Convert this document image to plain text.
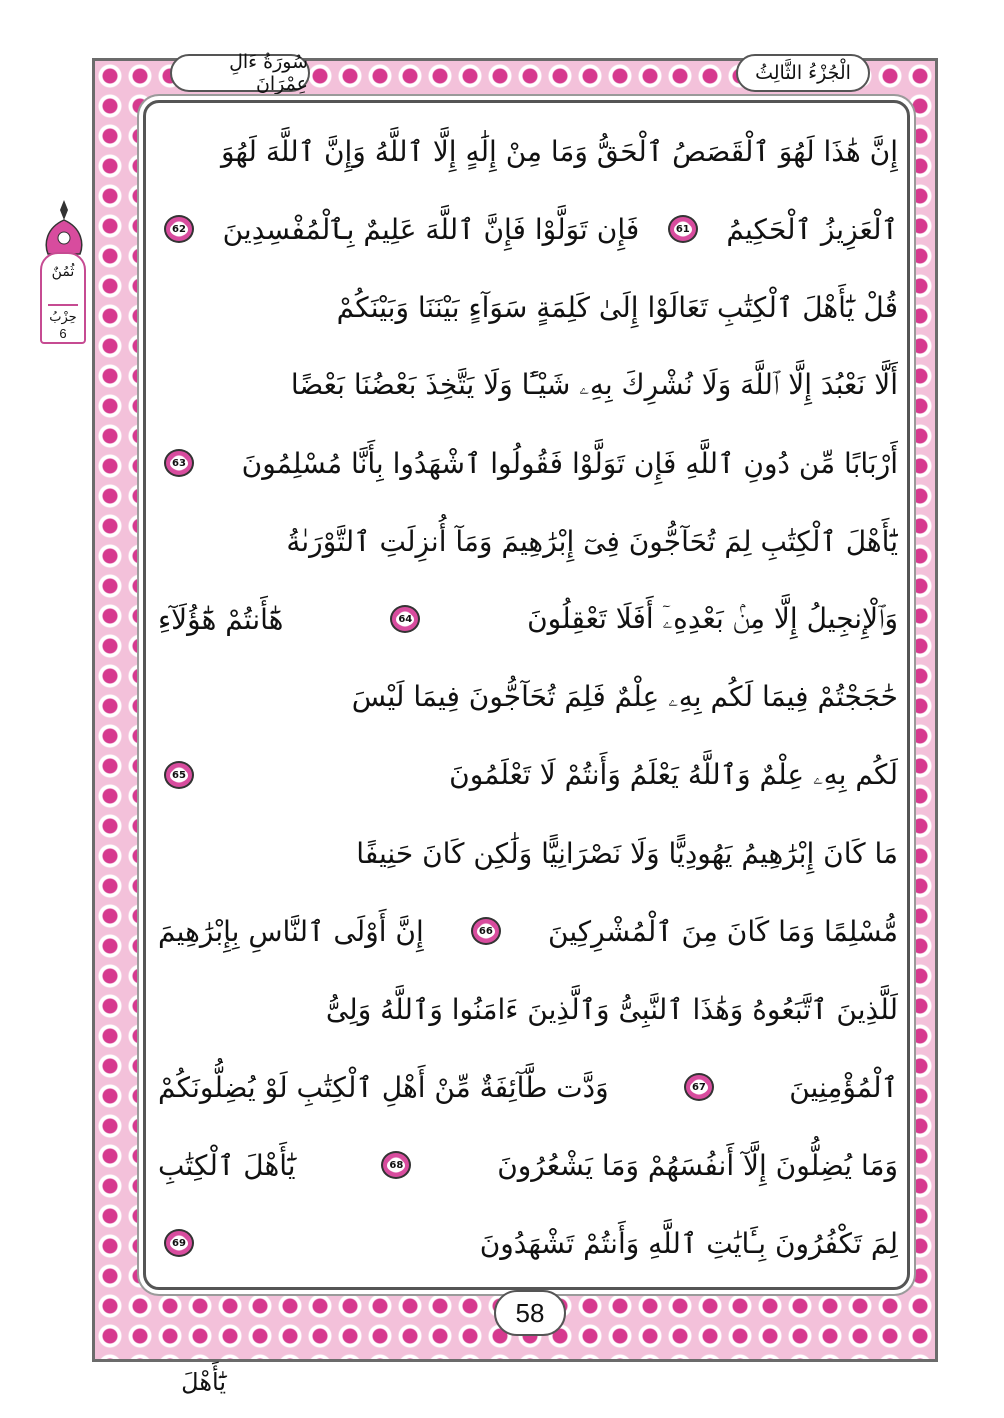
الْجُزْءُ الثَّالِثُ
سُورَةُ ءَالِ عِمْرَانَ
ثُمُنٌ
حِزْبُ
6
إِنَّ هَٰذَا لَهُوَ ٱلْقَصَصُ ٱلْحَقُّ وَمَا مِنْ إِلَٰهٍ إِلَّا ٱللَّهُ وَإِنَّ ٱللَّهَ لَهُوَ
ٱلْعَزِيزُ ٱلْحَكِيمُ
61
فَإِن تَوَلَّوْا فَإِنَّ ٱللَّهَ عَلِيمٌ بِٱلْمُفْسِدِينَ
62
قُلْ يَٰٓأَهْلَ ٱلْكِتَٰبِ تَعَالَوْا إِلَىٰ كَلِمَةٍ سَوَآءٍ بَيْنَنَا وَبَيْنَكُمْ
أَلَّا نَعْبُدَ إِلَّا ٱللَّهَ وَلَا نُشْرِكَ بِهِۦ شَيْـًٔا وَلَا يَتَّخِذَ بَعْضُنَا بَعْضًا
أَرْبَابًا مِّن دُونِ ٱللَّهِ فَإِن تَوَلَّوْا فَقُولُوا ٱشْهَدُوا بِأَنَّا مُسْلِمُونَ
63
يَٰٓأَهْلَ ٱلْكِتَٰبِ لِمَ تُحَآجُّونَ فِىٓ إِبْرَٰهِيمَ وَمَآ أُنزِلَتِ ٱلتَّوْرَىٰةُ
وَٱلْإِنجِيلُ إِلَّا مِنۢ بَعْدِهِۦٓ أَفَلَا تَعْقِلُونَ
64
هَٰٓأَنتُمْ هَٰٓؤُلَآءِ
حَٰجَجْتُمْ فِيمَا لَكُم بِهِۦ عِلْمٌ فَلِمَ تُحَآجُّونَ فِيمَا لَيْسَ
لَكُم بِهِۦ عِلْمٌ وَٱللَّهُ يَعْلَمُ وَأَنتُمْ لَا تَعْلَمُونَ
65
مَا كَانَ إِبْرَٰهِيمُ يَهُودِيًّا وَلَا نَصْرَانِيًّا وَلَٰكِن كَانَ حَنِيفًا
مُّسْلِمًا وَمَا كَانَ مِنَ ٱلْمُشْرِكِينَ
66
إِنَّ أَوْلَى ٱلنَّاسِ بِإِبْرَٰهِيمَ
لَلَّذِينَ ٱتَّبَعُوهُ وَهَٰذَا ٱلنَّبِىُّ وَٱلَّذِينَ ءَامَنُوا وَٱللَّهُ وَلِىُّ
ٱلْمُؤْمِنِينَ
67
وَدَّت طَّآئِفَةٌ مِّنْ أَهْلِ ٱلْكِتَٰبِ لَوْ يُضِلُّونَكُمْ
وَمَا يُضِلُّونَ إِلَّآ أَنفُسَهُمْ وَمَا يَشْعُرُونَ
68
يَٰٓأَهْلَ ٱلْكِتَٰبِ
لِمَ تَكْفُرُونَ بِـَٔايَٰتِ ٱللَّهِ وَأَنتُمْ تَشْهَدُونَ
69
58
يَٰٓأَهْلَ
